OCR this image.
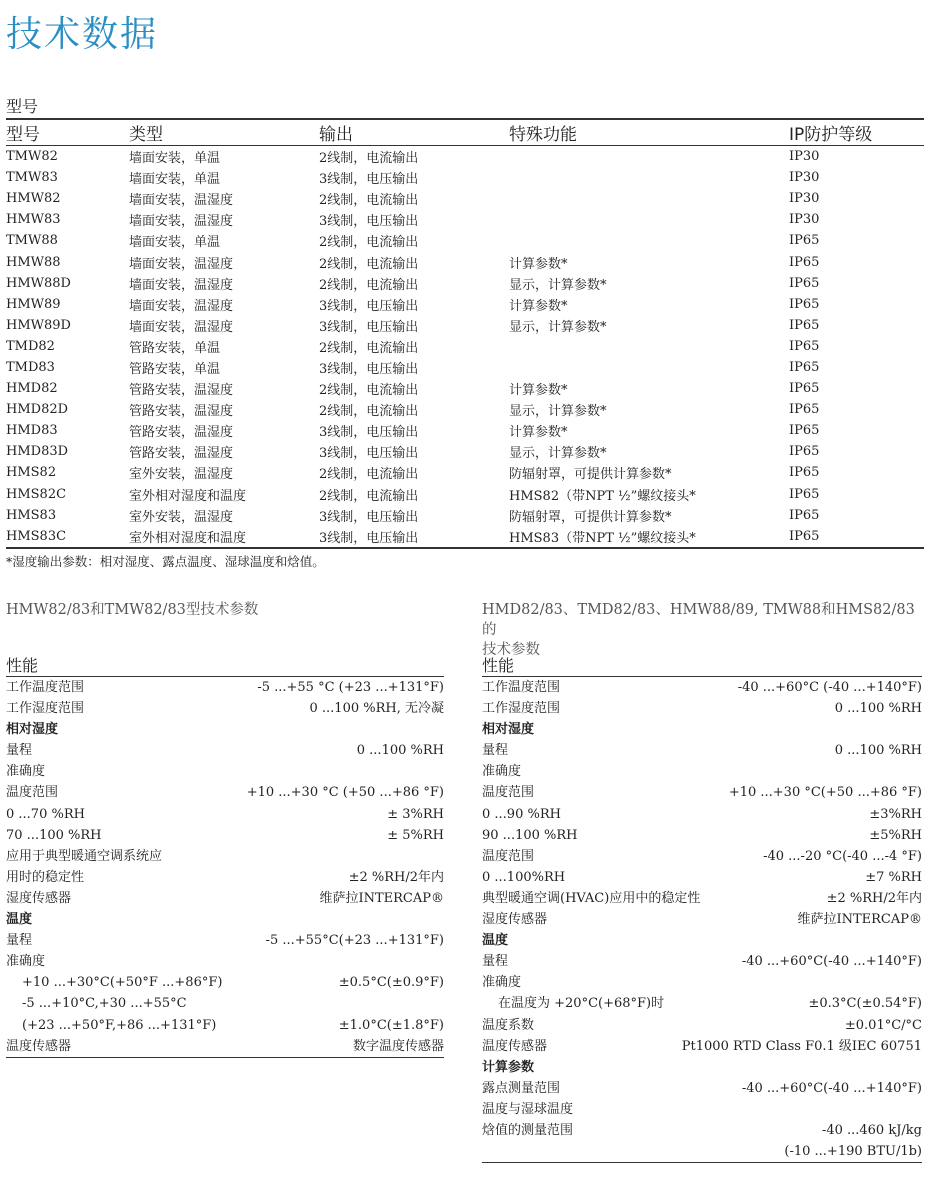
技术数据
型号
型号	类型	输出	特殊功能	IP防护等级
TMW82	墙面安装，单温	2线制，电流输出		IP30
TMW83	墙面安装，单温	3线制，电压输出		IP30
HMW82	墙面安装，温湿度	2线制，电流输出		IP30
HMW83	墙面安装，温湿度	3线制，电压输出		IP30
TMW88	墙面安装，单温	2线制，电流输出		IP65
HMW88	墙面安装，温湿度	2线制，电流输出	计算参数*	IP65
HMW88D	墙面安装，温湿度	2线制，电流输出	显示，计算参数*	IP65
HMW89	墙面安装，温湿度	3线制，电压输出	计算参数*	IP65
HMW89D	墙面安装，温湿度	3线制，电压输出	显示，计算参数*	IP65
TMD82	管路安装，单温	2线制，电流输出		IP65
TMD83	管路安装，单温	3线制，电压输出		IP65
HMD82	管路安装，温湿度	2线制，电流输出	计算参数*	IP65
HMD82D	管路安装，温湿度	2线制，电流输出	显示，计算参数*	IP65
HMD83	管路安装，温湿度	3线制，电压输出	计算参数*	IP65
HMD83D	管路安装，温湿度	3线制，电压输出	显示，计算参数*	IP65
HMS82	室外安装，温湿度	2线制，电流输出	防辐射罩，可提供计算参数*	IP65
HMS82C	室外相对湿度和温度	2线制，电流输出	HMS82（带NPT ½”螺纹接头*	IP65
HMS83	室外安装，温湿度	3线制，电压输出	防辐射罩，可提供计算参数*	IP65
HMS83C	室外相对湿度和温度	3线制，电压输出	HMS83（带NPT ½”螺纹接头*	IP65
*湿度输出参数：相对湿度、露点温度、湿球温度和焓值。
HMW82/83和TMW82/83型技术参数
性能
工作温度范围	-5 ...+55 °C (+23 ...+131°F)
工作湿度范围	0 ...100 %RH, 无冷凝
相对湿度
量程	0 ...100 %RH
准确度
温度范围	+10 ...+30 °C (+50 ...+86 °F)
0 ...70 %RH	± 3%RH
70 ...100 %RH	± 5%RH
应用于典型暖通空调系统应
用时的稳定性	±2 %RH/2年内
湿度传感器	维萨拉INTERCAP®
温度
量程	-5 ...+55°C(+23 ...+131°F)
准确度
+10 ...+30°C(+50°F ...+86°F)	±0.5°C(±0.9°F)
-5 ...+10°C,+30 ...+55°C
(+23 ...+50°F,+86 ...+131°F)	±1.0°C(±1.8°F)
温度传感器	数字温度传感器
HMD82/83、TMD82/83、HMW88/89, TMW88和HMS82/83的
技术参数
性能
工作温度范围	-40 ...+60°C (-40 ...+140°F)
工作湿度范围	0 ...100 %RH
相对湿度
量程	0 ...100 %RH
准确度
温度范围	+10 ...+30 °C(+50 ...+86 °F)
0 ...90 %RH	±3%RH
90 ...100 %RH	±5%RH
温度范围	-40 ...-20 °C(-40 ...-4 °F)
0 ...100%RH	±7 %RH
典型暖通空调(HVAC)应用中的稳定性	±2 %RH/2年内
湿度传感器	维萨拉INTERCAP®
温度
量程	-40 ...+60°C(-40 ...+140°F)
准确度
在温度为 +20°C(+68°F)时	±0.3°C(±0.54°F)
温度系数	±0.01°C/°C
温度传感器	Pt1000 RTD Class F0.1 级IEC 60751
计算参数
露点测量范围	-40 ...+60°C(-40 ...+140°F)
温度与湿球温度
焓值的测量范围	-40 ...460 kJ/kg
(-10 ...+190 BTU/1b)
